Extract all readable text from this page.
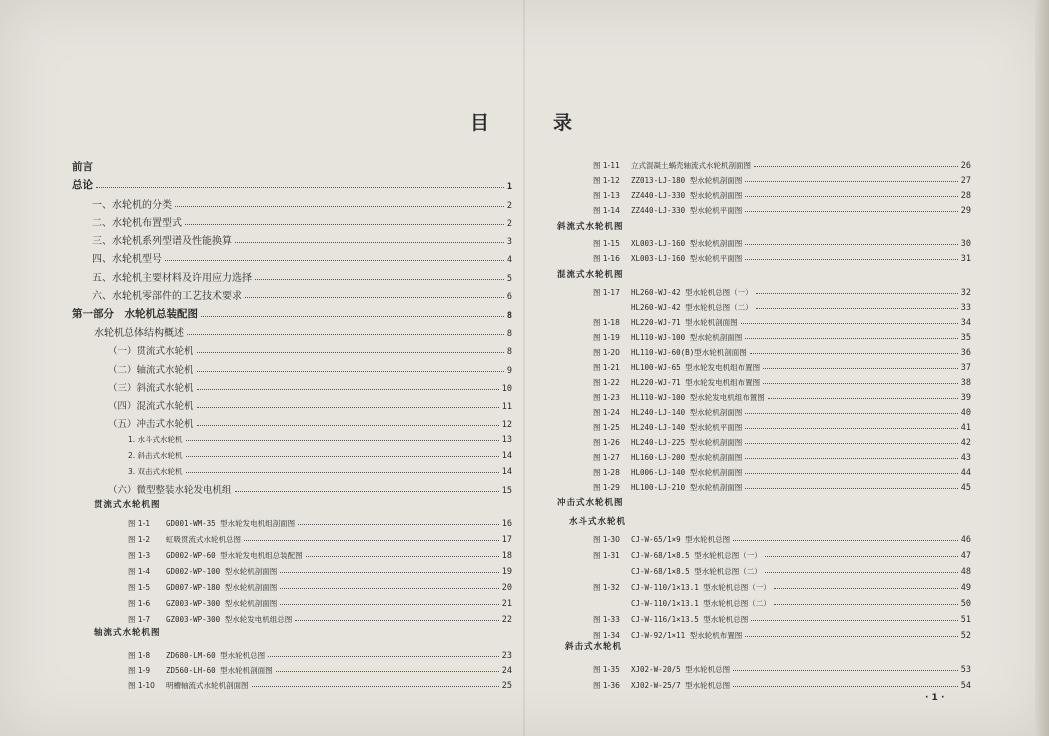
目	录
前言
总论	1
一、水轮机的分类	2
二、水轮机布置型式	2
三、水轮机系列型谱及性能换算	3
四、水轮机型号	4
五、水轮机主要材料及许用应力选择	5
六、水轮机零部件的工艺技术要求	6
第一部分　水轮机总装配图	8
水轮机总体结构概述	8
（一）贯流式水轮机	8
（二）轴流式水轮机	9
（三）斜流式水轮机	10
（四）混流式水轮机	11
（五）冲击式水轮机	12
1. 水斗式水轮机	13
2. 斜击式水轮机	14
3. 双击式水轮机	14
（六）微型整装水轮发电机组	15
贯流式水轮机图
图 1-1 GD001-WM-35 型水轮发电机组剖面图	16
图 1-2 虹吸贯流式水轮机总图	17
图 1-3 GD002-WP-60 型水轮发电机组总装配图	18
图 1-4 GD002-WP-100 型水轮机剖面图	19
图 1-5 GD007-WP-180 型水轮机剖面图	20
图 1-6 GZ003-WP-300 型水轮机剖面图	21
图 1-7 GZ003-WP-300 型水轮发电机组总图	22
轴流式水轮机图
图 1-8 ZD680-LM-60 型水轮机总图	23
图 1-9 ZD560-LH-60 型水轮机剖面图	24
图 1-10 明槽轴流式水轮机剖面图	25
图 1-11 立式混凝土蜗壳轴流式水轮机剖面图	26
图 1-12 ZZ013-LJ-180 型水轮机剖面图	27
图 1-13 ZZ440-LJ-330 型水轮机剖面图	28
图 1-14 ZZ440-LJ-330 型水轮机平面图	29
斜流式水轮机图
图 1-15 XL003-LJ-160 型水轮机剖面图	30
图 1-16 XL003-LJ-160 型水轮机平面图	31
混流式水轮机图
图 1-17 HL260-WJ-42 型水轮机总图（一）	32
HL260-WJ-42 型水轮机总图（二）	33
图 1-18 HL220-WJ-71 型水轮机剖面图	34
图 1-19 HL110-WJ-100 型水轮机剖面图	35
图 1-20 HL110-WJ-60(B)型水轮机剖面图	36
图 1-21 HL100-WJ-65 型水轮发电机组布置图	37
图 1-22 HL220-WJ-71 型水轮发电机组布置图	38
图 1-23 HL110-WJ-100 型水轮发电机组布置图	39
图 1-24 HL240-LJ-140 型水轮机剖面图	40
图 1-25 HL240-LJ-140 型水轮机平面图	41
图 1-26 HL240-LJ-225 型水轮机剖面图	42
图 1-27 HL160-LJ-200 型水轮机剖面图	43
图 1-28 HL006-LJ-140 型水轮机剖面图	44
图 1-29 HL100-LJ-210 型水轮机剖面图	45
冲击式水轮机图
水斗式水轮机
图 1-30 CJ-W-65/1×9 型水轮机总图	46
图 1-31 CJ-W-68/1×8.5 型水轮机总图（一）	47
CJ-W-68/1×8.5 型水轮机总图（二）	48
图 1-32 CJ-W-110/1×13.1 型水轮机总图（一）	49
CJ-W-110/1×13.1 型水轮机总图（二）	50
图 1-33 CJ-W-116/1×13.5 型水轮机总图	51
图 1-34 CJ-W-92/1×11 型水轮机布置图	52
斜击式水轮机
图 1-35 XJ02-W-20/5 型水轮机总图	53
图 1-36 XJ02-W-25/7 型水轮机总图	54
· 1 ·
